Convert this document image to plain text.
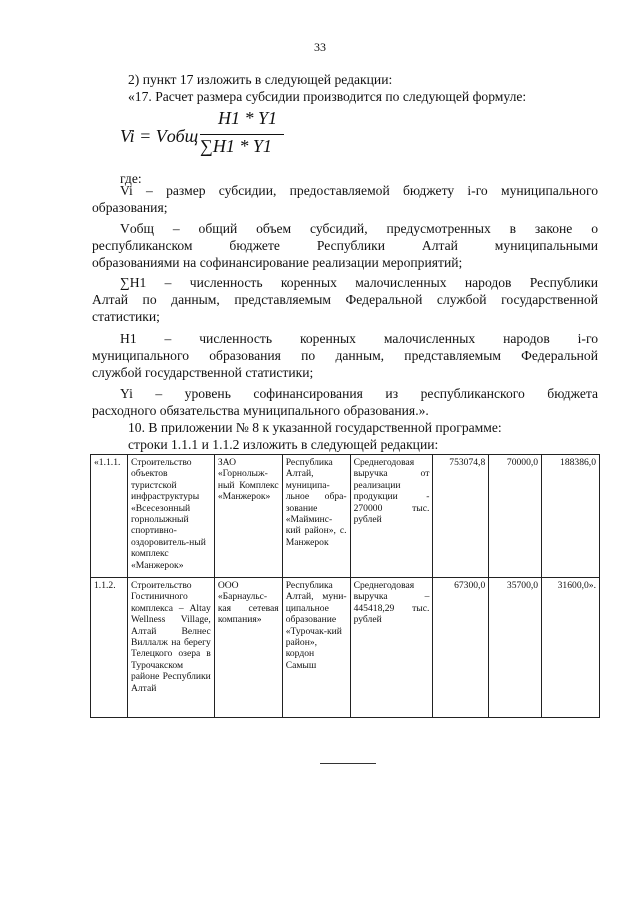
33
2) пункт 17 изложить в следующей редакции:
«17. Расчет размера субсидии производится по следующей формуле:
Vi = Vобщ
H1 * Y1
∑H1 * Y1
где:
Vi – размер субсидии, предоставляемой бюджету i-го муниципального
образования;
Vобщ – общий объем субсидий, предусмотренных в законе о
республиканском бюджете Республики Алтай муниципальными
образованиями на софинансирование реализации мероприятий;
∑H1 – численность коренных малочисленных народов Республики
Алтай по данным, представляемым Федеральной службой государственной
статистики;
H1 – численность коренных малочисленных народов i-го
муниципального образования по данным, представляемым Федеральной
службой государственной статистики;
Yi – уровень софинансирования из республиканского бюджета
расходного обязательства муниципального образования.».
10. В приложении № 8 к указанной государственной программе:
строки 1.1.1 и 1.1.2 изложить в следующей редакции:
«1.1.1.	Строительство объектов туристской инфраструктуры «Всесезонный горнолыжный спортивно-оздоровитель-ный комплекс «Манжерок»	ЗАО «Горнолыж-ный Комплекс «Манжерок»	Республика Алтай, муниципа-льное обра-зование «Майминс-кий район», с. Манжерок	Среднегодовая выручка от реализации продукции - 270000 тыс. рублей	753074,8	70000,0	188386,0
1.1.2.	Строительство Гостиничного комплекса – Altay Wellness Village, Алтай Велнес Виллалж на берегу Телецкого озера в Турочакском районе Республики Алтай	ООО «Барнаульс-кая сетевая компания»	Республика Алтай, муни-ципальное образование «Турочак-кий район», кордон Самыш	Среднегодовая выручка – 445418,29 тыс. рублей	67300,0	35700,0	31600,0».
